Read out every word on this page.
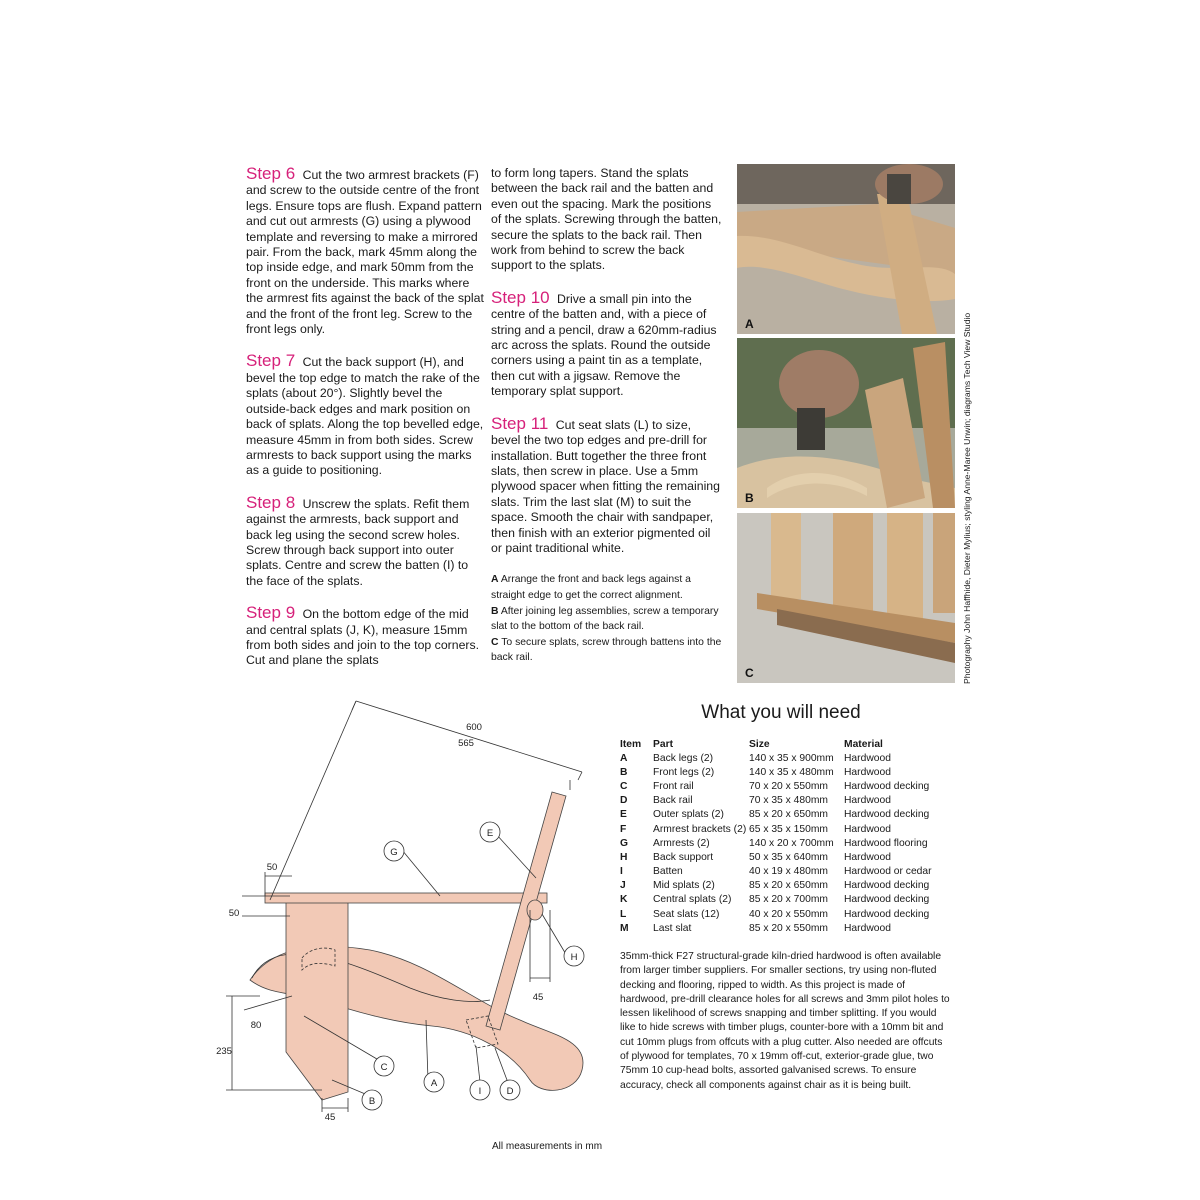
Step 6 Cut the two armrest brackets (F) and screw to the outside centre of the front legs. Ensure tops are flush. Expand pattern and cut out armrests (G) using a plywood template and reversing to make a mirrored pair. From the back, mark 45mm along the top inside edge, and mark 50mm from the front on the underside. This marks where the armrest fits against the back of the splat and the front of the front leg. Screw to the front legs only.

Step 7 Cut the back support (H), and bevel the top edge to match the rake of the splats (about 20°). Slightly bevel the outside-back edges and mark position on back of splats. Along the top bevelled edge, measure 45mm in from both sides. Screw armrests to back support using the marks as a guide to positioning.

Step 8 Unscrew the splats. Refit them against the armrests, back support and back leg using the second screw holes. Screw through back support into outer splats. Centre and screw the batten (I) to the face of the splats.

Step 9 On the bottom edge of the mid and central splats (J, K), measure 15mm from both sides and join to the top corners. Cut and plane the splats

to form long tapers. Stand the splats between the back rail and the batten and even out the spacing. Mark the positions of the splats. Screwing through the batten, secure the splats to the back rail. Then work from behind to screw the back support to the splats.

Step 10 Drive a small pin into the centre of the batten and, with a piece of string and a pencil, draw a 620mm-radius arc across the splats. Round the outside corners using a paint tin as a template, then cut with a jigsaw. Remove the temporary splat support.

Step 11 Cut seat slats (L) to size, bevel the two top edges and pre-drill for installation. Butt together the three front slats, then screw in place. Use a 5mm plywood spacer when fitting the remaining slats. Trim the last slat (M) to suit the space. Smooth the chair with sandpaper, then finish with an exterior pigmented oil or paint traditional white.

A Arrange the front and back legs against a straight edge to get the correct alignment.
B After joining leg assemblies, screw a temporary slat to the bottom of the back rail.
C To secure splats, screw through battens into the back rail.
A
B
C	Photography John Haffhide, Dieter Mylius; styling Anne-Maree Unwin; diagrams Tech View Studio
What you will need
Item	Part	Size	Material
A	Back legs (2)	140 x 35 x 900mm	Hardwood
B	Front legs (2)	140 x 35 x 480mm	Hardwood
C	Front rail	70 x 20 x 550mm	Hardwood decking
D	Back rail	70 x 35 x 480mm	Hardwood
E	Outer splats (2)	85 x 20 x 650mm	Hardwood decking
F	Armrest brackets (2)	65 x 35 x 150mm	Hardwood
G	Armrests (2)	140 x 20 x 700mm	Hardwood flooring
H	Back support	50 x 35 x 640mm	Hardwood
I	Batten	40 x 19 x 480mm	Hardwood or cedar
J	Mid splats (2)	85 x 20 x 650mm	Hardwood decking
K	Central splats (2)	85 x 20 x 700mm	Hardwood decking
L	Seat slats (12)	40 x 20 x 550mm	Hardwood decking
M	Last slat	85 x 20 x 550mm	Hardwood

35mm-thick F27 structural-grade kiln-dried hardwood is often available from larger timber suppliers. For smaller sections, try using non-fluted decking and flooring, ripped to width. As this project is made of hardwood, pre-drill clearance holes for all screws and 3mm pilot holes to lessen likelihood of screws snapping and timber splitting. If you would like to hide screws with timber plugs, counter-bore with a 10mm bit and cut 10mm plugs from offcuts with a plug cutter. Also needed are offcuts of plywood for templates, 70 x 19mm off-cut, exterior-grade glue, two 75mm 10 cup-head bolts, assorted galvanised screws. To ensure accuracy, check all components against chair as it is being built.

G
E
H
C
A
I	D
B
600
565
50
50
80
235
45
45
All measurements in mm
